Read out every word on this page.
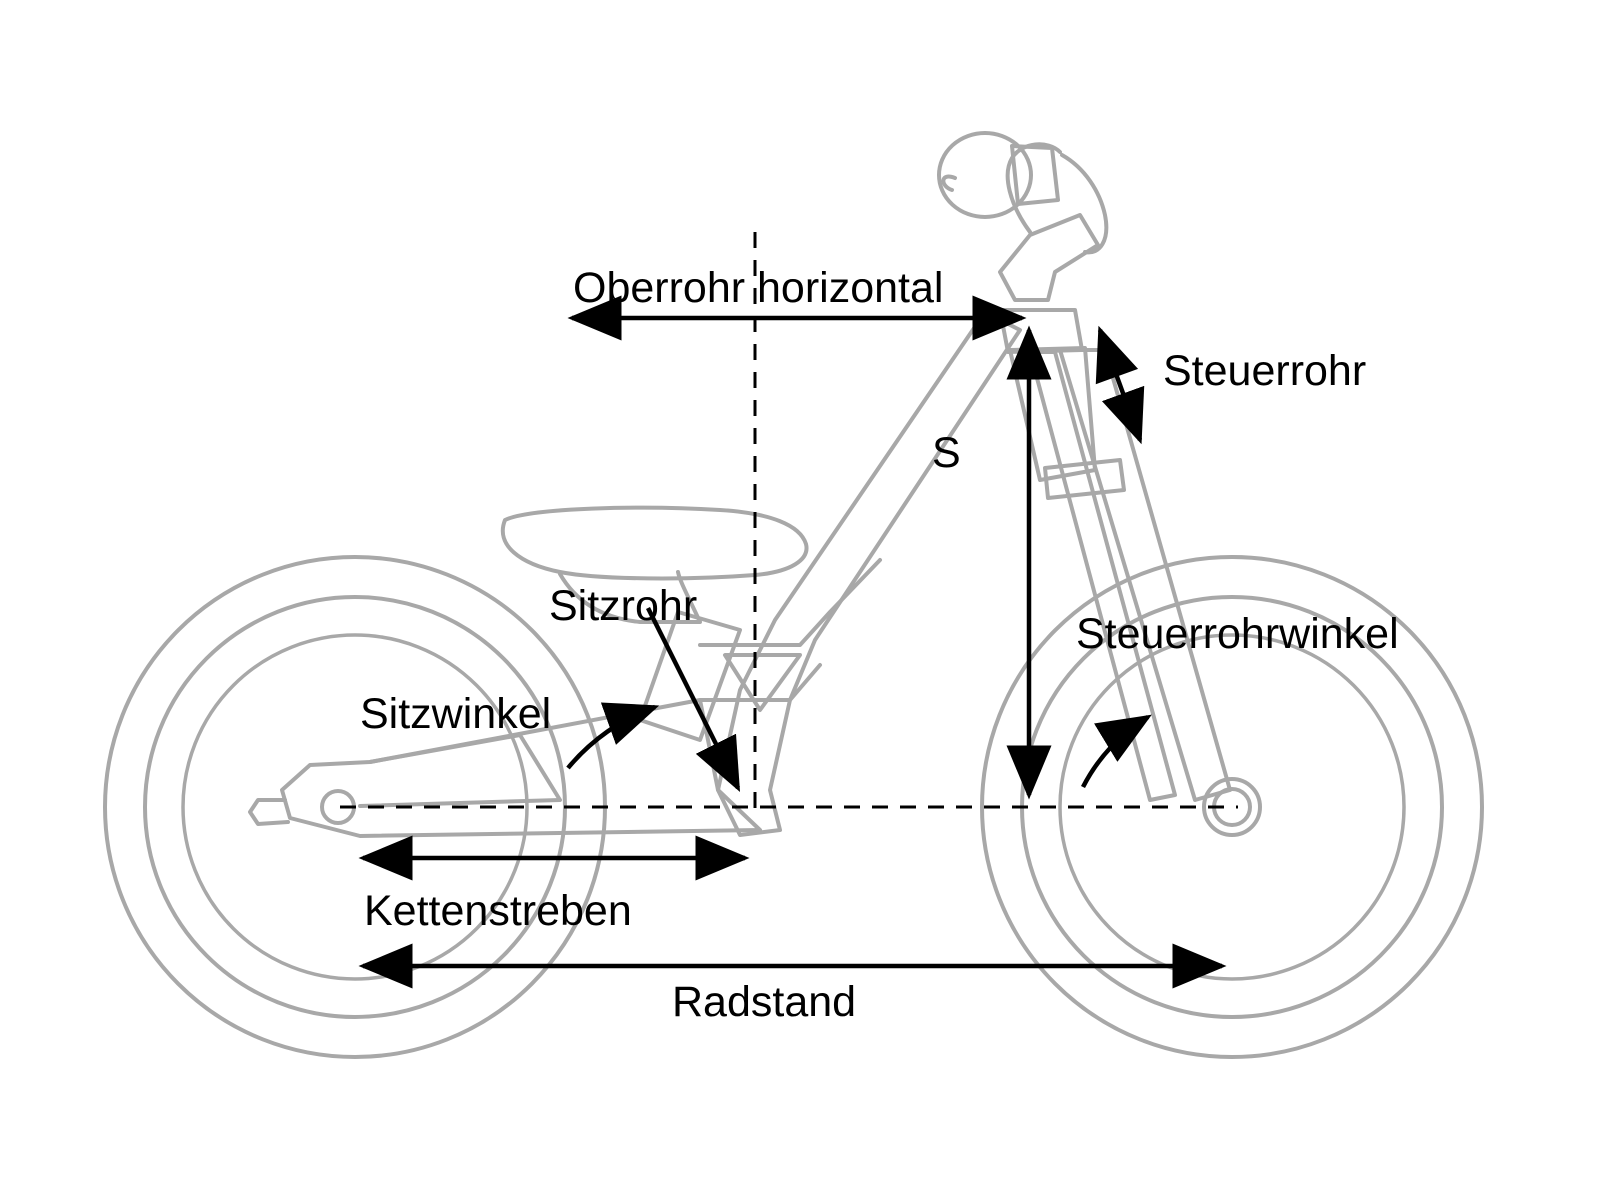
Oberrohr horizontal
Steuerrohr
S
Sitzrohr
Steuerrohrwinkel
Sitzwinkel
Kettenstreben
Radstand
